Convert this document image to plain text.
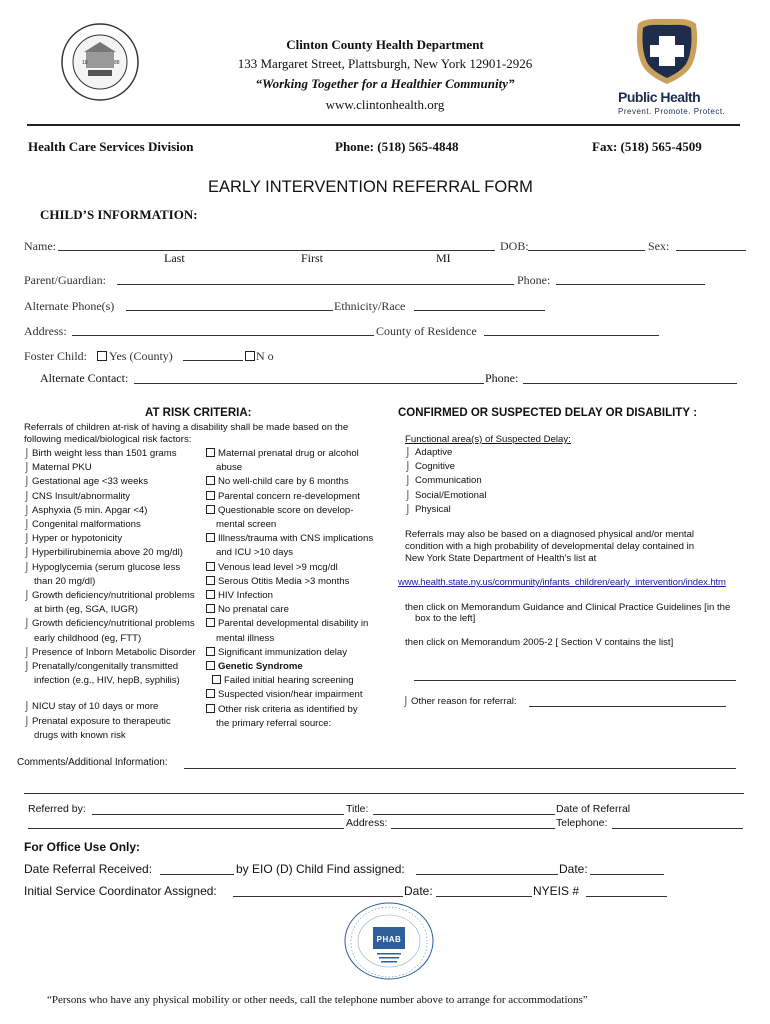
18	88
Clinton County Health Department
133 Margaret Street, Plattsburgh, New York 12901-2926
“Working Together for a Healthier Community”
www.clintonhealth.org	Public Health
Prevent. Promote. Protect.
Health Care Services Division	Phone: (518) 565-4848	Fax: (518) 565-4509
EARLY INTERVENTION REFERRAL FORM
CHILD’S INFORMATION:
Name:	DOB:	Sex:
Last	First	MI
Parent/Guardian:	Phone:
Alternate Phone(s)	Ethnicity/Race
Address:	County of Residence
Foster Child: Yes (County)	N o
Alternate Contact:	Phone:
AT RISK CRITERIA:
Referrals of children at-risk of having a disability shall be made based on the
following medical/biological risk factors:
⌡ Birth weight less than 1501 grams
⌡ Maternal PKU
⌡ Gestational age <33 weeks
⌡ CNS Insult/abnormality
⌡ Asphyxia (5 min. Apgar <4)
⌡ Congenital malformations
⌡ Hyper or hypotonicity
⌡ Hyperbilirubinemia above 20 mg/dl)
⌡ Hypoglycemia (serum glucose less
than 20 mg/dl)
⌡ Growth deficiency/nutritional problems
at birth (eg, SGA, IUGR)
⌡ Growth deficiency/nutritional problems
early childhood (eg, FTT)
⌡ Presence of Inborn Metabolic Disorder
⌡ Prenatally/congenitally transmitted
infection (e.g., HIV, hepB, syphilis)
⌡ NICU stay of 10 days or more
⌡ Prenatal exposure to therapeutic
drugs with known risk
Maternal prenatal drug or alcohol
abuse
No well-child care by 6 months
Parental concern re-development
Questionable score on develop-
mental screen
Illness/trauma with CNS implications
and ICU >10 days
Venous lead level >9 mcg/dl
Serous Otitis Media >3 months
HIV Infection
No prenatal care
Parental developmental disability in
mental illness
Significant immunization delay
Genetic Syndrome
Failed initial hearing screening
Suspected vision/hear impairment
Other risk criteria as identified by
the primary referral source:
CONFIRMED OR SUSPECTED DELAY OR DISABILITY :
Functional area(s) of Suspected Delay:
⌡ Adaptive
⌡ Cognitive
⌡ Communication
⌡ Social/Emotional
⌡ Physical
Referrals may also be based on a diagnosed physical and/or mental
condition with a high probability of developmental delay contained in
New York State Department of Health’s list at
www.health.state.ny.us/community/infants_children/early_intervention/index.htm
then click on Memorandum Guidance and Clinical Practice Guidelines [in the
box to the left]
then click on Memorandum 2005-2 [ Section V contains the list]
⌡ Other reason for referral:
Comments/Additional Information:
Referred by:	Title:	Date of Referral
Address:	Telephone:
For Office Use Only:
Date Referral Received:	by EIO (D) Child Find assigned:	Date:
Initial Service Coordinator Assigned:	Date:	NYEIS #
PHAB
“Persons who have any physical mobility or other needs, call the telephone number above to arrange for accommodations”
